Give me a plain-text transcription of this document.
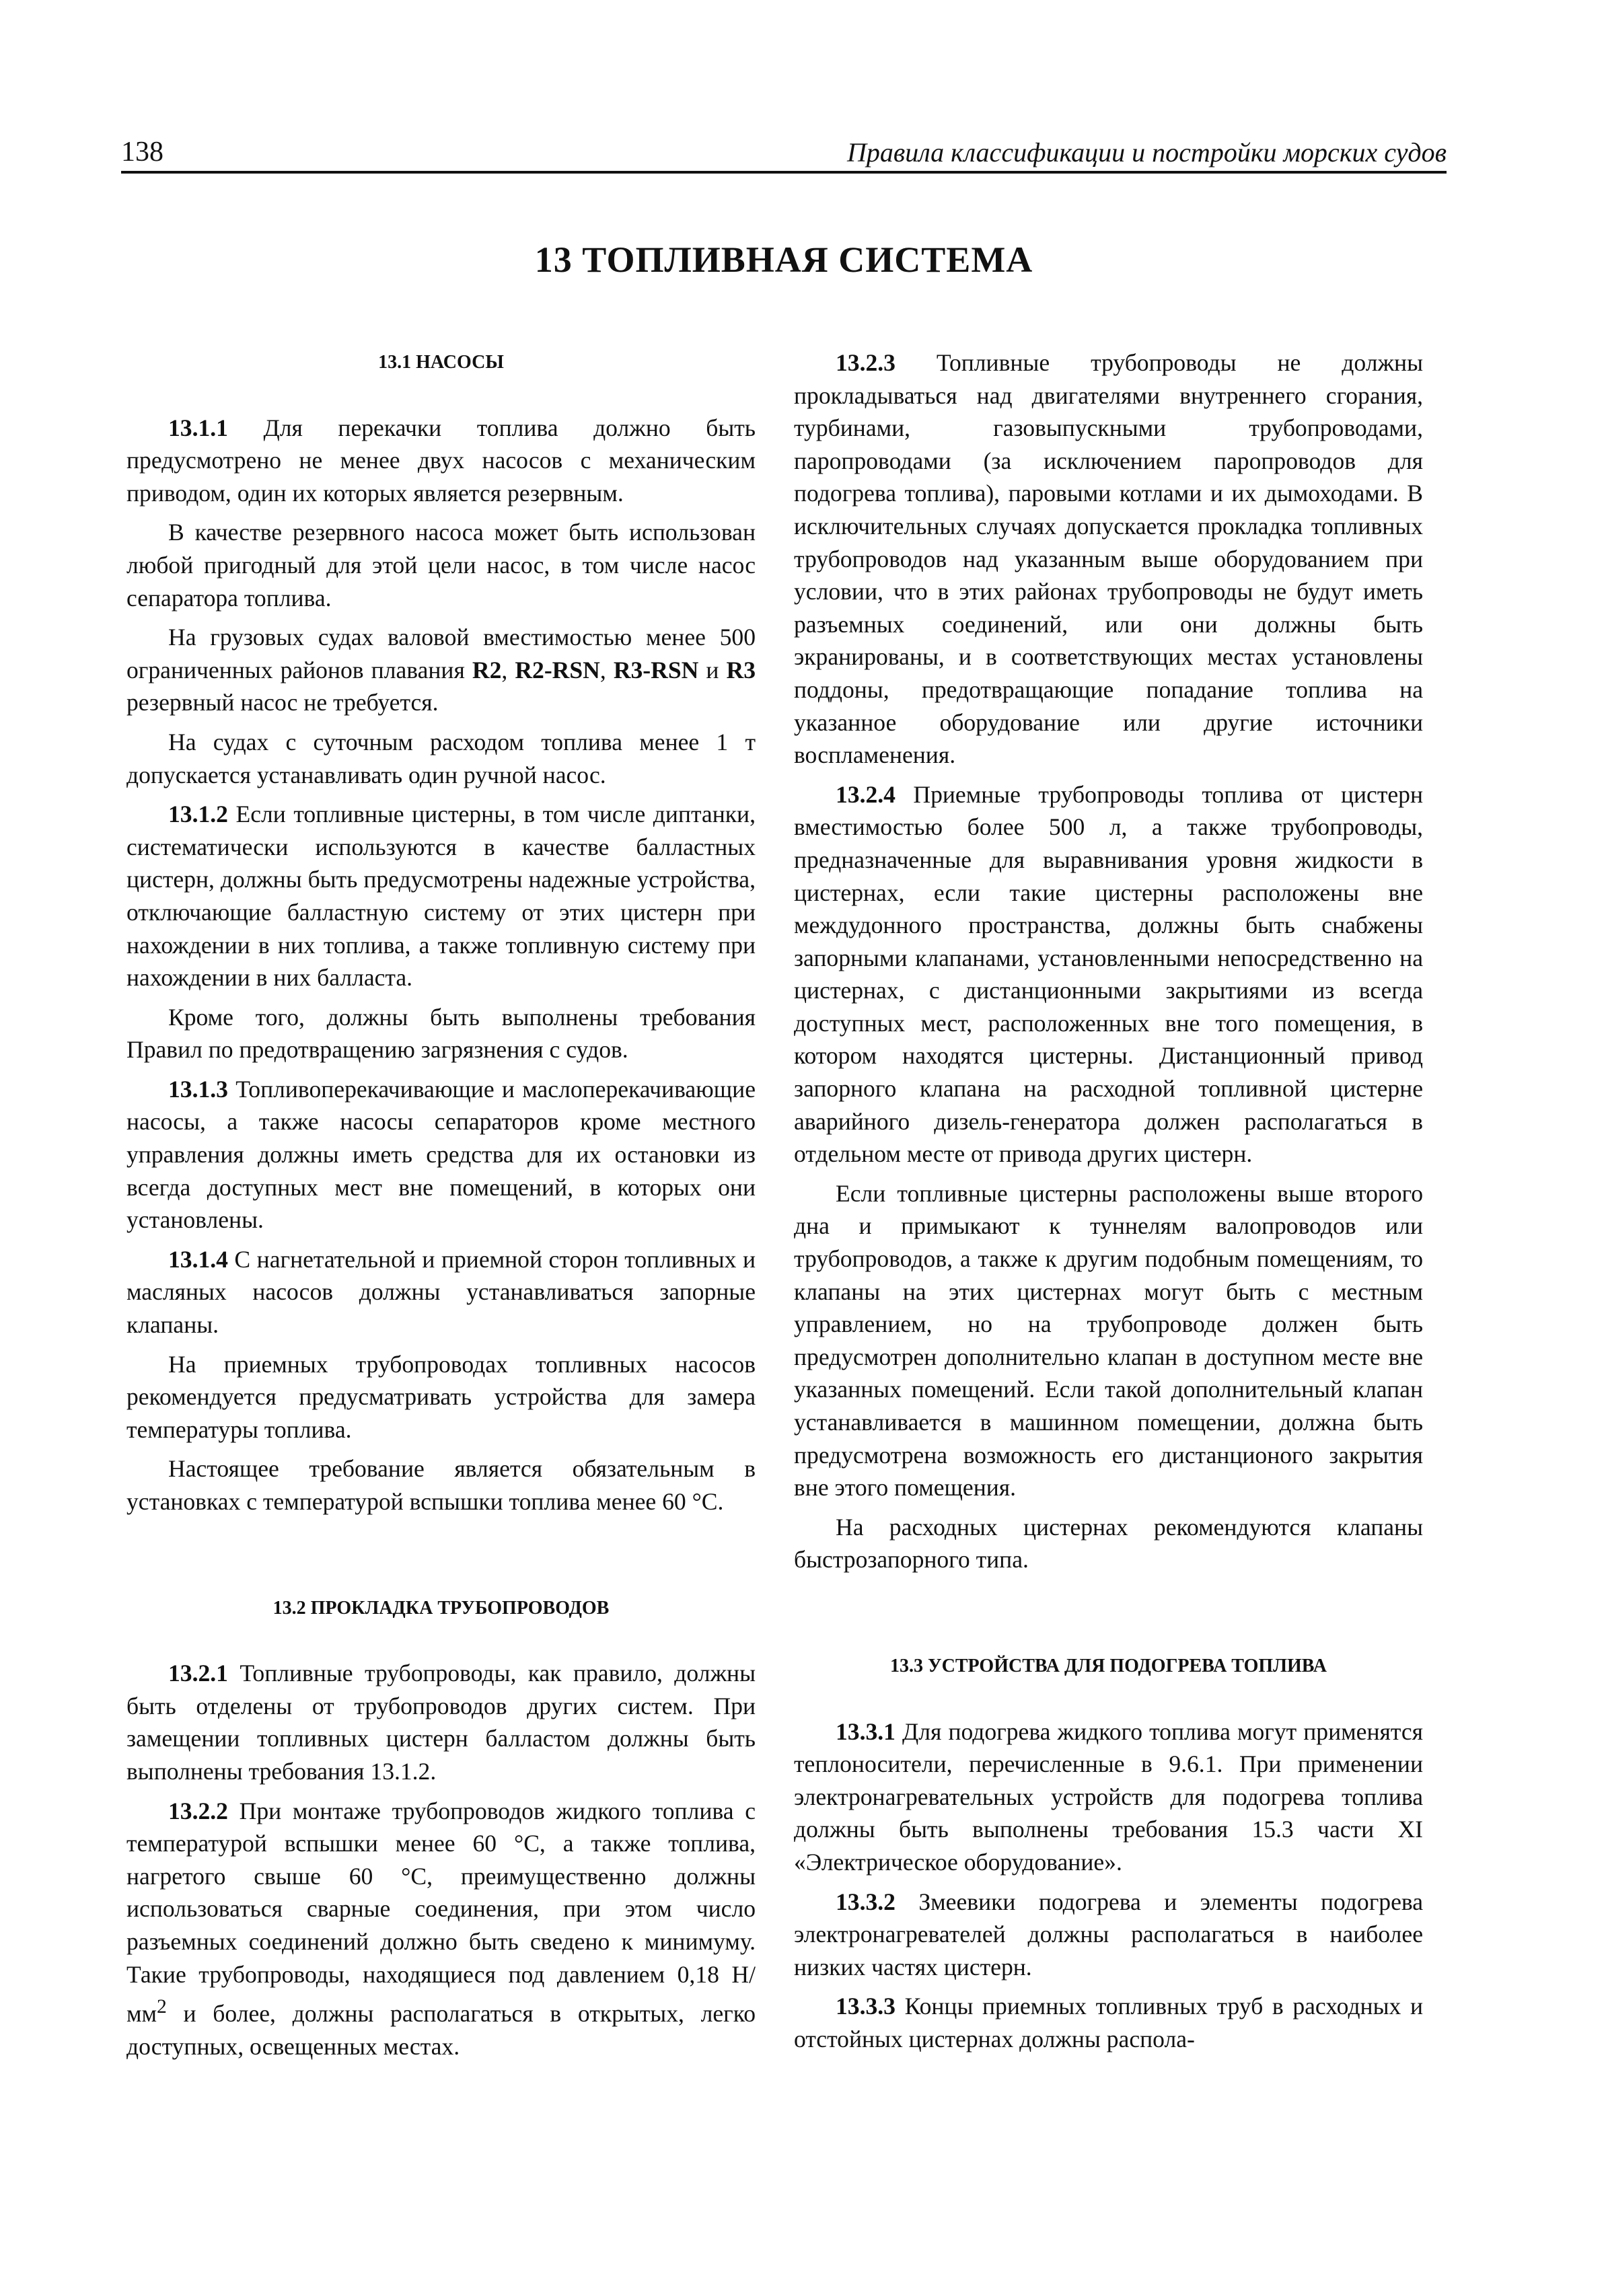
138	Правила классификации и постройки морских судов
13 ТОПЛИВНАЯ СИСТЕМА
13.1 НАСОСЫ

13.1.1 Для перекачки топлива должно быть предусмотрено не менее двух насосов с механическим приводом, один их которых является резервным.

В качестве резервного насоса может быть использован любой пригодный для этой цели насос, в том числе насос сепаратора топлива.

На грузовых судах валовой вместимостью менее 500 ограниченных районов плавания R2, R2-RSN, R3-RSN и R3 резервный насос не требуется.

На судах с суточным расходом топлива менее 1 т допускается устанавливать один ручной насос.

13.1.2 Если топливные цистерны, в том числе диптанки, систематически используются в качестве балластных цистерн, должны быть предусмотрены надежные устройства, отключающие балластную систему от этих цистерн при нахождении в них топлива, а также топливную систему при нахождении в них балласта.

Кроме того, должны быть выполнены требования Правил по предотвращению загрязнения с судов.

13.1.3 Топливоперекачивающие и маслоперекачивающие насосы, а также насосы сепараторов кроме местного управления должны иметь средства для их остановки из всегда доступных мест вне помещений, в которых они установлены.

13.1.4 С нагнетательной и приемной сторон топливных и масляных насосов должны устанавливаться запорные клапаны.

На приемных трубопроводах топливных насосов рекомендуется предусматривать устройства для замера температуры топлива.

Настоящее требование является обязательным в установках с температурой вспышки топлива менее 60 °С.

13.2 ПРОКЛАДКА ТРУБОПРОВОДОВ

13.2.1 Топливные трубопроводы, как правило, должны быть отделены от трубопроводов других систем. При замещении топливных цистерн балластом должны быть выполнены требования 13.1.2.

13.2.2 При монтаже трубопроводов жидкого топлива с температурой вспышки менее 60 °С, а также топлива, нагретого свыше 60 °С, преимущественно должны использоваться сварные соединения, при этом число разъемных соединений должно быть сведено к минимуму. Такие трубопроводы, находящиеся под давлением 0,18 $Н/мм^2$ и более, должны располагаться в открытых, легко доступных, освещенных местах.

13.2.3 Топливные трубопроводы не должны прокладываться над двигателями внутреннего сгорания, турбинами, газовыпускными трубопроводами, паропроводами (за исключением паропроводов для подогрева топлива), паровыми котлами и их дымоходами. В исключительных случаях допускается прокладка топливных трубопроводов над указанным выше оборудованием при условии, что в этих районах трубопроводы не будут иметь разъемных соединений, или они должны быть экранированы, и в соответствующих местах установлены поддоны, предотвращающие попадание топлива на указанное оборудование или другие источники воспламенения.

13.2.4 Приемные трубопроводы топлива от цистерн вместимостью более 500 л, а также трубопроводы, предназначенные для выравнивания уровня жидкости в цистернах, если такие цистерны расположены вне междудонного пространства, должны быть снабжены запорными клапанами, установленными непосредственно на цистернах, с дистанционными закрытиями из всегда доступных мест, расположенных вне того помещения, в котором находятся цистерны. Дистанционный привод запорного клапана на расходной топливной цистерне аварийного дизель-генератора должен располагаться в отдельном месте от привода других цистерн.

Если топливные цистерны расположены выше второго дна и примыкают к туннелям валопроводов или трубопроводов, а также к другим подобным помещениям, то клапаны на этих цистернах могут быть с местным управлением, но на трубопроводе должен быть предусмотрен дополнительно клапан в доступном месте вне указанных помещений. Если такой дополнительный клапан устанавливается в машинном помещении, должна быть предусмотрена возможность его дистанционого закрытия вне этого помещения.

На расходных цистернах рекомендуются клапаны быстрозапорного типа.

13.3 УСТРОЙСТВА ДЛЯ ПОДОГРЕВА ТОПЛИВА

13.3.1 Для подогрева жидкого топлива могут применятся теплоносители, перечисленные в 9.6.1. При применении электронагревательных устройств для подогрева топлива должны быть выполнены требования 15.3 части XI «Электрическое оборудование».

13.3.2 Змеевики подогрева и элементы подогрева электронагревателей должны располагаться в наиболее низких частях цистерн.

13.3.3 Концы приемных топливных труб в расходных и отстойных цистернах должны распола-
